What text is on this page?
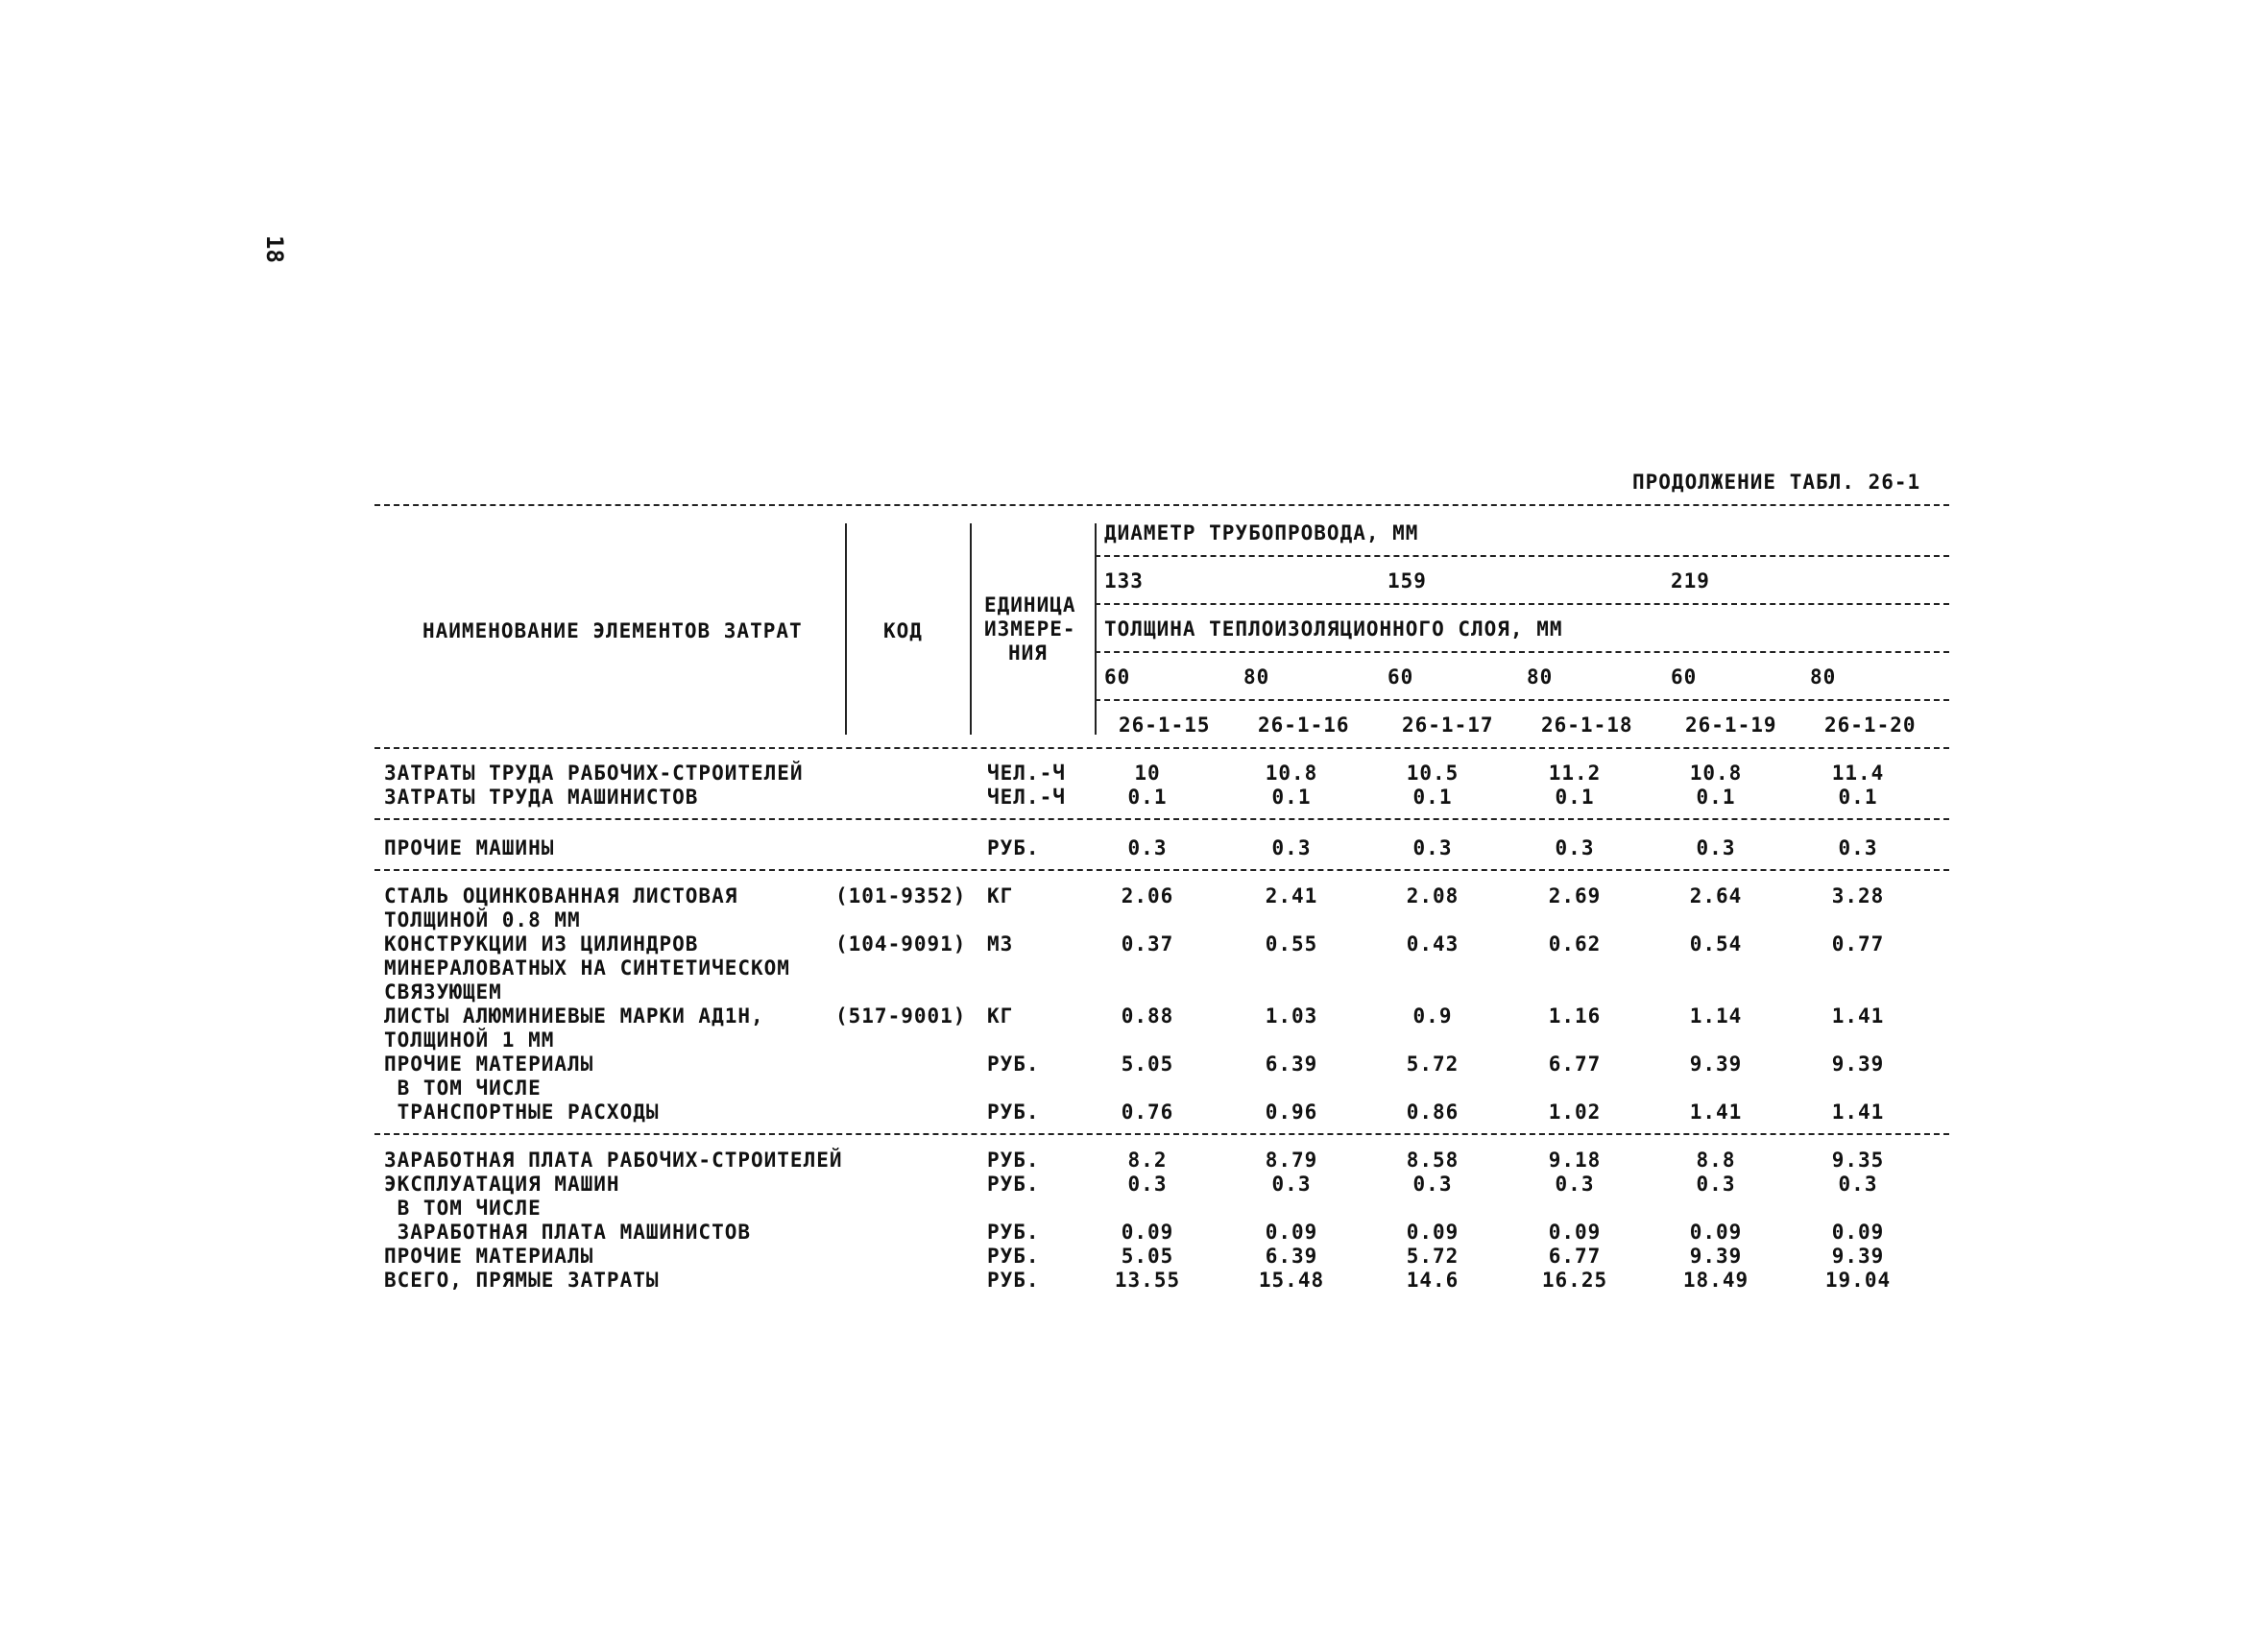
18
ПРОДОЛЖЕНИЕ ТАБЛ. 26-1
НАИМЕНОВАНИЕ ЭЛЕМЕНТОВ ЗАТРАТ	КОД
ЕДИНИЦА
ИЗМЕРЕ-
НИЯ
ДИАМЕТР ТРУБОПРОВОДА, ММ
133	159	219
ТОЛЩИНА ТЕПЛОИЗОЛЯЦИОННОГО СЛОЯ, ММ
60	80	60	80	60	80
26-1-15 26-1-16	26-1-17 26-1-18	26-1-19 26-1-20
ЗАТРАТЫ ТРУДА РАБОЧИХ-СТРОИТЕЛЕЙ	ЧЕЛ.-Ч	10	10.8	10.5	11.2	10.8	11.4
ЗАТРАТЫ ТРУДА МАШИНИСТОВ	ЧЕЛ.-Ч	0.1	0.1	0.1	0.1	0.1	0.1
ПРОЧИЕ МАШИНЫ	РУБ.	0.3	0.3	0.3	0.3	0.3	0.3
СТАЛЬ ОЦИНКОВАННАЯ ЛИСТОВАЯ	(101-9352) КГ	2.06	2.41	2.08	2.69	2.64	3.28
ТОЛЩИНОЙ 0.8 ММ
КОНСТРУКЦИИ ИЗ ЦИЛИНДРОВ	(104-9091) М3	0.37	0.55	0.43	0.62	0.54	0.77
МИНЕРАЛОВАТНЫХ НА СИНТЕТИЧЕСКОМ
СВЯЗУЮЩЕМ
ЛИСТЫ АЛЮМИНИЕВЫЕ МАРКИ АД1Н,	(517-9001) КГ	0.88	1.03	0.9	1.16	1.14	1.41
ТОЛЩИНОЙ 1 ММ
ПРОЧИЕ МАТЕРИАЛЫ	РУБ.	5.05	6.39	5.72	6.77	9.39	9.39
В ТОМ ЧИСЛЕ
ТРАНСПОРТНЫЕ РАСХОДЫ	РУБ.	0.76	0.96	0.86	1.02	1.41	1.41
ЗАРАБОТНАЯ ПЛАТА РАБОЧИХ-СТРОИТЕЛЕЙ	РУБ.	8.2	8.79	8.58	9.18	8.8	9.35
ЭКСПЛУАТАЦИЯ МАШИН	РУБ.	0.3	0.3	0.3	0.3	0.3	0.3
В ТОМ ЧИСЛЕ
ЗАРАБОТНАЯ ПЛАТА МАШИНИСТОВ	РУБ.	0.09	0.09	0.09	0.09	0.09	0.09
ПРОЧИЕ МАТЕРИАЛЫ	РУБ.	5.05	6.39	5.72	6.77	9.39	9.39
ВСЕГО, ПРЯМЫЕ ЗАТРАТЫ	РУБ.	13.55	15.48	14.6	16.25	18.49	19.04
